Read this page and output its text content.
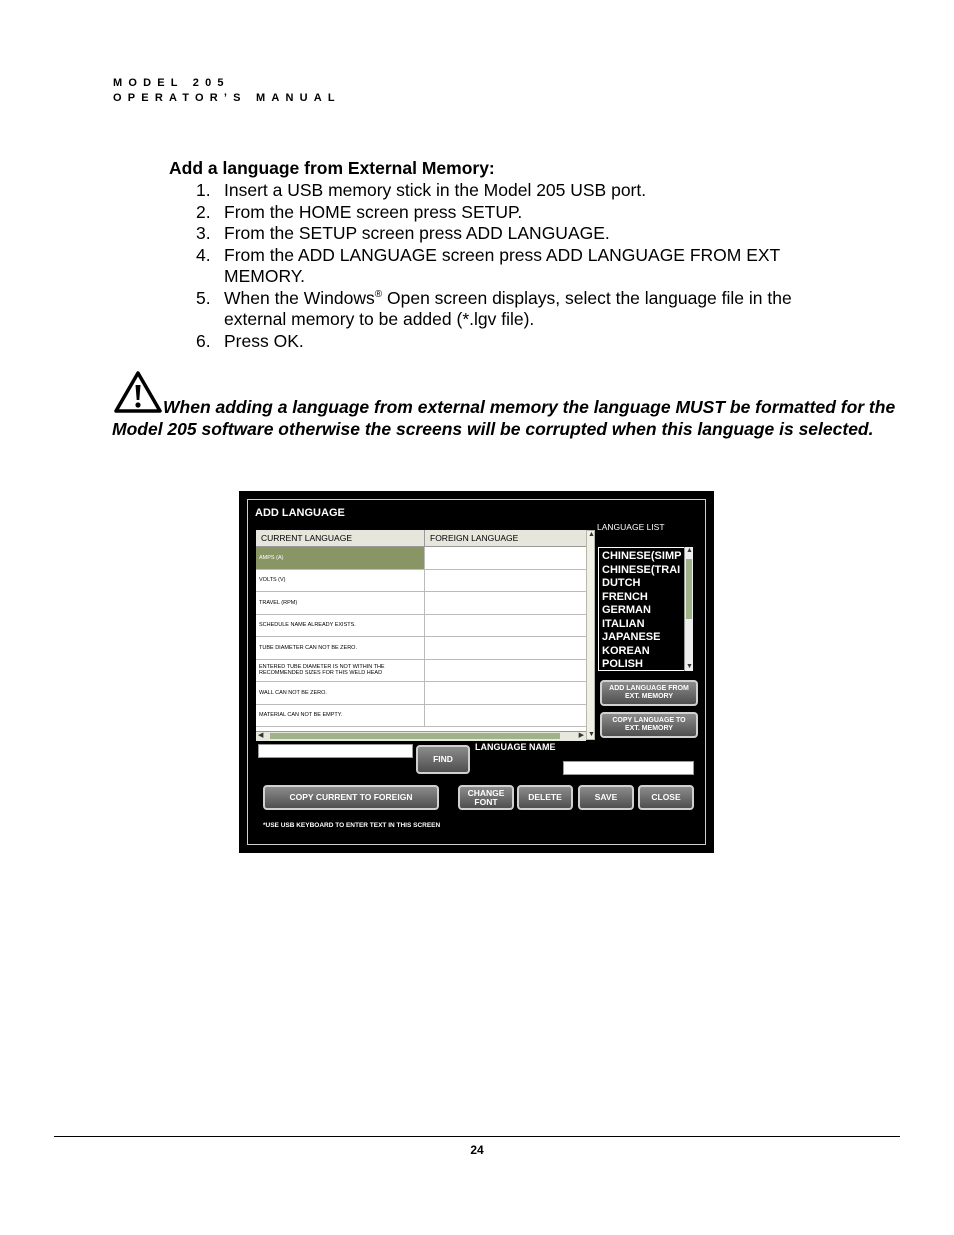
MODEL 205
OPERATOR’S MANUAL
Add a language from External Memory:
1. Insert a USB memory stick in the Model 205 USB port.
2. From the HOME screen press SETUP.
3. From the SETUP screen press ADD LANGUAGE.
4. From the ADD LANGUAGE screen press ADD LANGUAGE FROM EXT MEMORY.
5. When the Windows® Open screen displays, select the language file in the external memory to be added (*.lgv file).
6. Press OK.
When adding a language from external memory the language MUST be formatted for the Model 205 software otherwise the screens will be corrupted when this language is selected.
ADD LANGUAGE
CURRENT LANGUAGE	FOREIGN LANGUAGE
AMPS (A)
VOLTS (V)
TRAVEL (RPM)
SCHEDULE NAME ALREADY EXISTS.
TUBE DIAMETER CAN NOT BE ZERO.
ENTERED TUBE DIAMETER IS NOT WITHIN THE RECOMMENDED SIZES FOR THIS WELD HEAD
WALL CAN NOT BE ZERO.
MATERIAL CAN NOT BE EMPTY.
▲
▼
◀	▶
LANGUAGE LIST
CHINESE(SIMP
CHINESE(TRAI
DUTCH
FRENCH
GERMAN
ITALIAN
JAPANESE
KOREAN
POLISH
▲
▼
ADD LANGUAGE FROM
EXT. MEMORY
COPY LANGUAGE TO
EXT. MEMORY
FIND
LANGUAGE NAME
COPY CURRENT TO FOREIGN	CHANGE
FONT	DELETE	SAVE	CLOSE
*USE USB KEYBOARD TO ENTER TEXT IN THIS SCREEN
24
